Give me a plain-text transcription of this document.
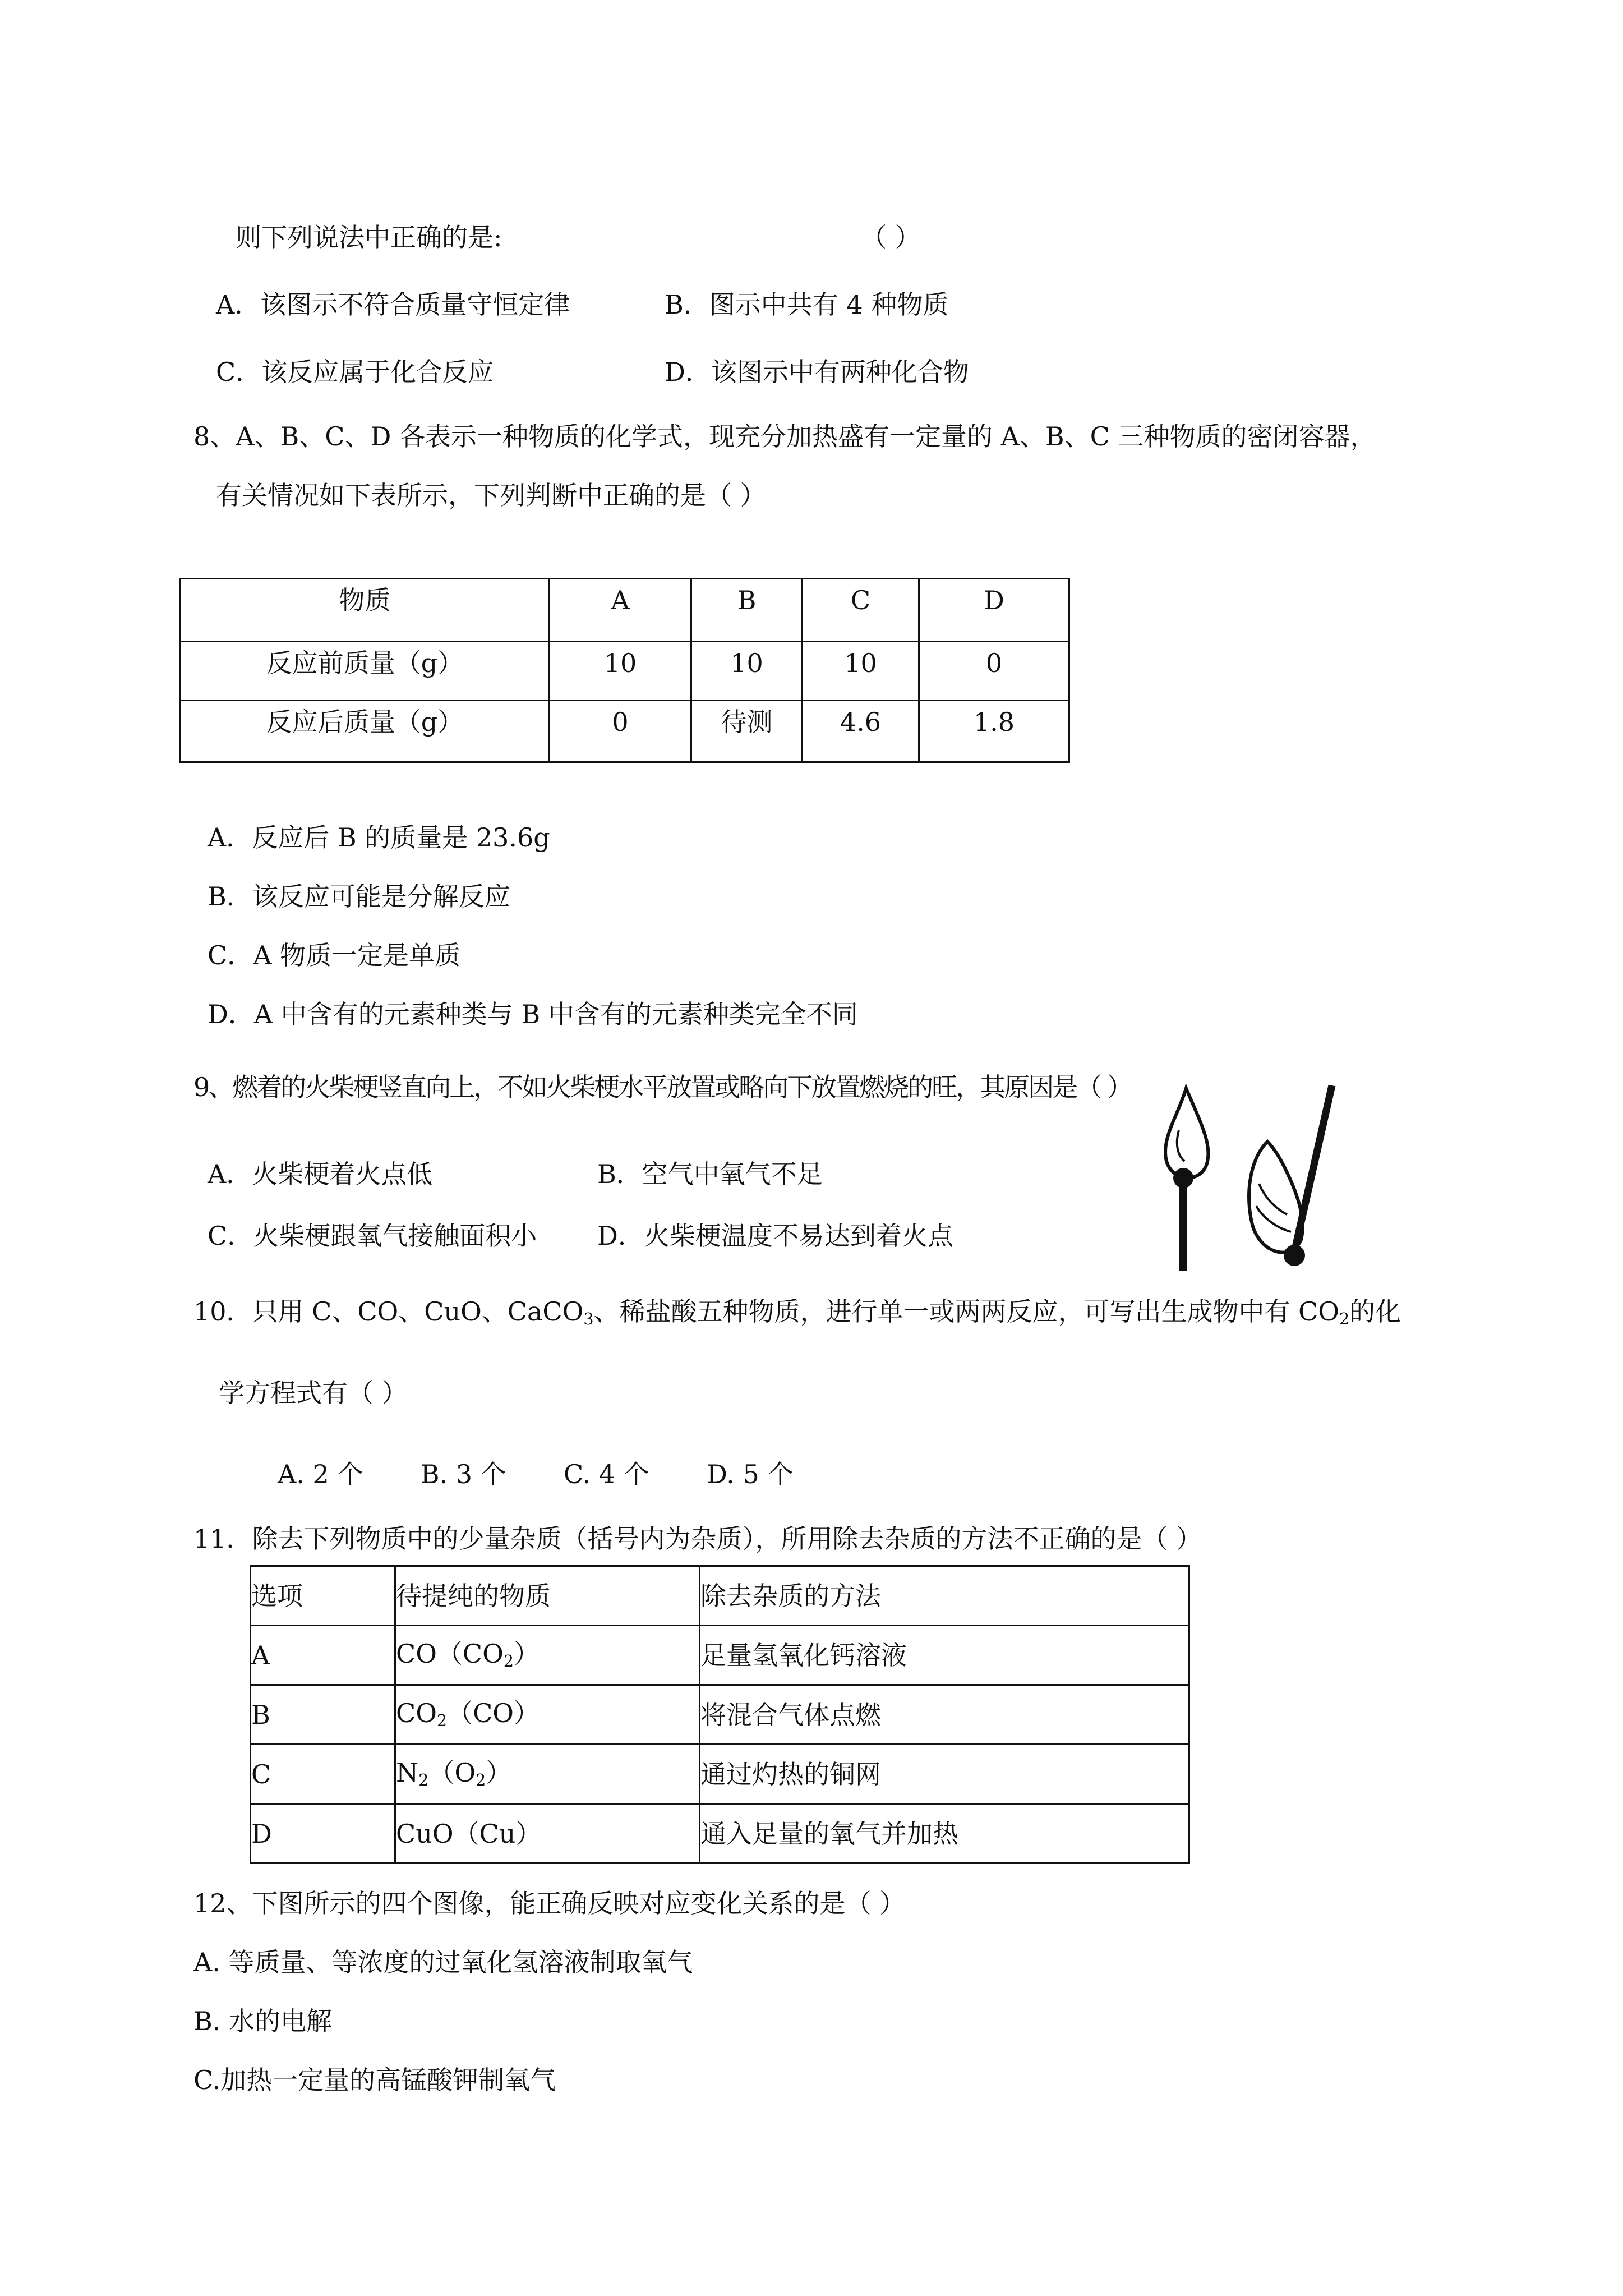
则下列说法中正确的是:	（ ）
A．该图示不符合质量守恒定律	B．图示中共有 4 种物质
C．该反应属于化合反应	D．该图示中有两种化合物
8、A、B、C、D 各表示一种物质的化学式，现充分加热盛有一定量的 A、B、C 三种物质的密闭容器，
有关情况如下表所示，下列判断中正确的是（ ）
物质	A	B	C	D
反应前质量（g）	10	10	10	0
反应后质量（g）	0	待测	4.6	1.8
A．反应后 B 的质量是 23.6g
B．该反应可能是分解反应
C．A 物质一定是单质
D．A 中含有的元素种类与 B 中含有的元素种类完全不同
9、燃着的火柴梗竖直向上，不如火柴梗水平放置或略向下放置燃烧的旺，其原因是（ ）
A．火柴梗着火点低	B．空气中氧气不足
C．火柴梗跟氧气接触面积小 D．火柴梗温度不易达到着火点
10．只用 C、CO、CuO、CaCO$_3$、稀盐酸五种物质，进行单一或两两反应，可写出生成物中有 $CO_2$的化
学方程式有（ ）
A. 2 个       B. 3 个       C. 4 个       D. 5 个
11．除去下列物质中的少量杂质（括号内为杂质），所用除去杂质的方法不正确的是（ ）
选项	待提纯的物质	除去杂质的方法
A	$CO(CO_2)$	足量氢氧化钙溶液
B	$CO_2(CO)$	将混合气体点燃
C	$N_2(O_2)$	通过灼热的铜网
D	CuO（Cu）	通入足量的氧气并加热
12、下图所示的四个图像，能正确反映对应变化关系的是（ ）
A. 等质量、等浓度的过氧化氢溶液制取氧气
B. 水的电解
C.加热一定量的高锰酸钾制氧气
